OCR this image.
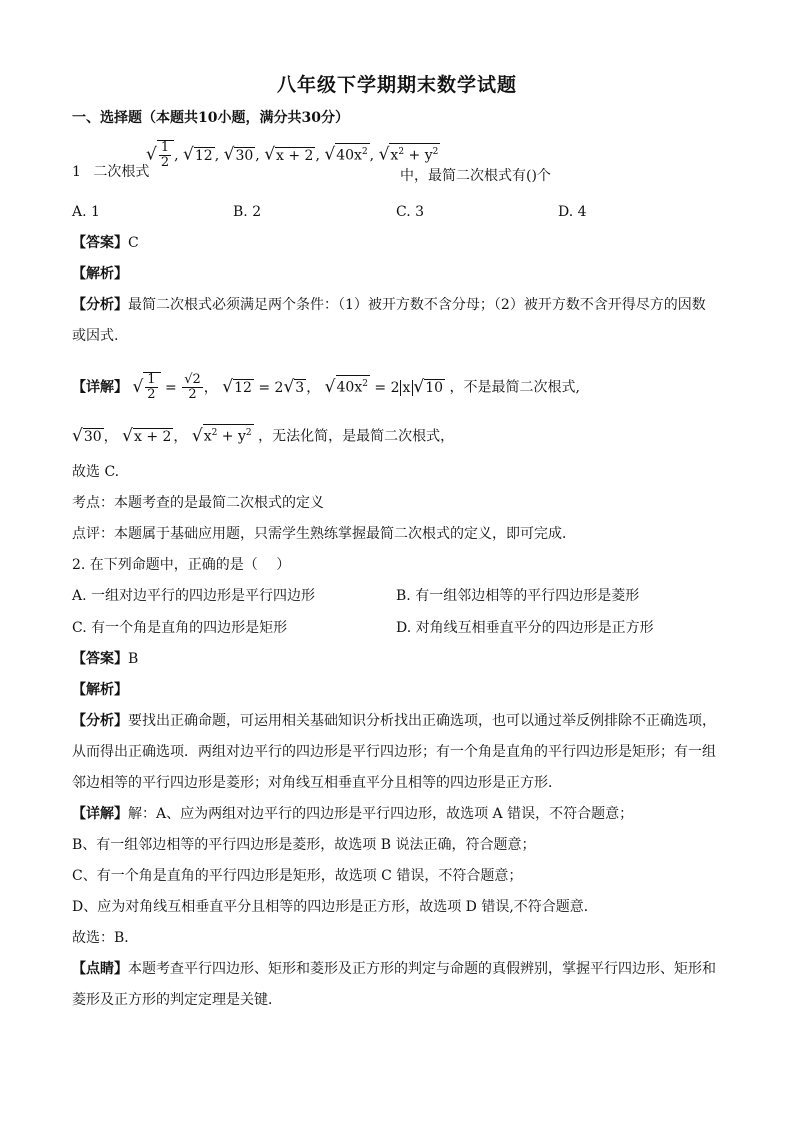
八年级下学期期末数学试题
一、选择题（本题共10小题，满分共30分）
1 二次根式
√ $\frac{1}{2}$ , √12 , √30 , √x + 2 , $√40x^2$ , $√x^2 + y^2$
中，最简二次根式有()个
A. 1	B. 2	C. 3	D. 4
【答案】C
【解析】
【分析】最简二次根式必须满足两个条件：（1）被开方数不含分母；（2）被开方数不含开得尽方的因数
或因式.
【详解】 √ $\frac{1}{2} = \frac{√2}{2}$ ， √12 = 2√3 ， $√40x^2 = 2$ x √10 ，不是最简二次根式,
√30 ， √x + 2 ， $√x^2 + y^2$ ，无法化简，是最简二次根式，
故选 C.
考点：本题考查的是最简二次根式的定义
点评：本题属于基础应用题，只需学生熟练掌握最简二次根式的定义，即可完成．
2. 在下列命题中，正确的是（　 ）
A. 一组对边平行的四边形是平行四边形	B. 有一组邻边相等的平行四边形是菱形
C. 有一个角是直角的四边形是矩形	D. 对角线互相垂直平分的四边形是正方形
【答案】B
【解析】
【分析】要找出正确命题，可运用相关基础知识分析找出正确选项，也可以通过举反例排除不正确选项，
从而得出正确选项．两组对边平行的四边形是平行四边形；有一个角是直角的平行四边形是矩形；有一组
邻边相等的平行四边形是菱形；对角线互相垂直平分且相等的四边形是正方形．
【详解】解：A、应为两组对边平行的四边形是平行四边形，故选项 A 错误，不符合题意；
B、有一组邻边相等的平行四边形是菱形，故选项 B 说法正确，符合题意；
C、有一个角是直角的平行四边形是矩形，故选项 C 错误，不符合题意；
D、应为对角线互相垂直平分且相等的四边形是正方形，故选项 D 错误,不符合题意．
故选：B．
【点睛】本题考查平行四边形、矩形和菱形及正方形的判定与命题的真假辨别，掌握平行四边形、矩形和
菱形及正方形的判定定理是关键．
